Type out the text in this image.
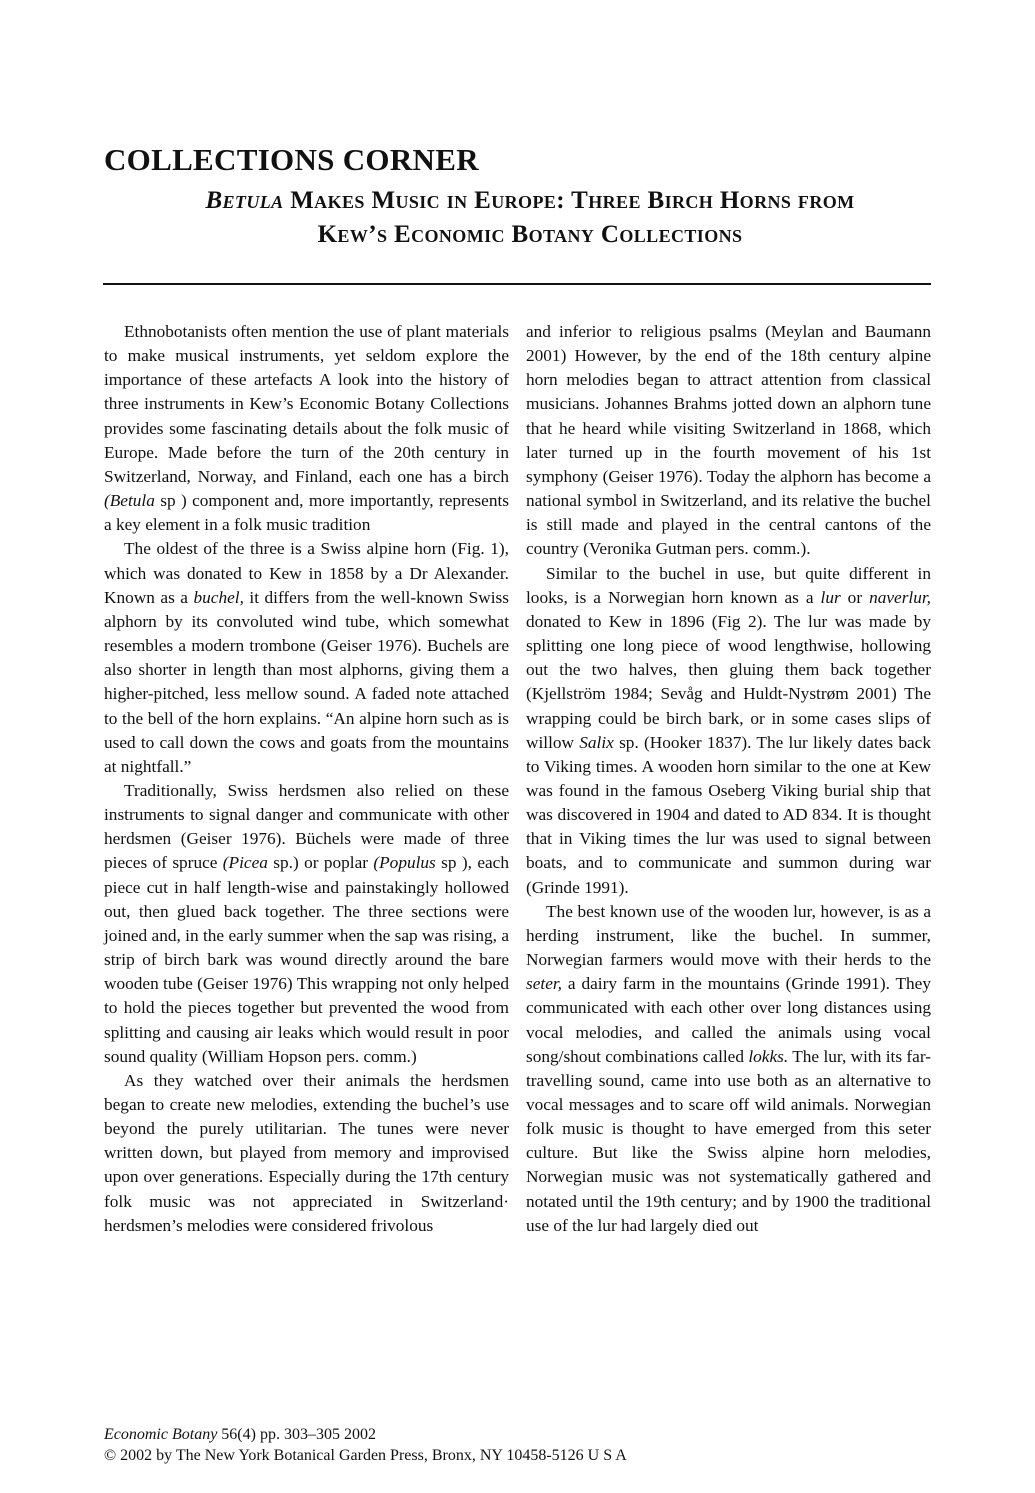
COLLECTIONS CORNER
Betula Makes Music in Europe: Three Birch Horns from
Kew’s Economic Botany Collections

Ethnobotanists often mention the use of plant materials to make musical instruments, yet seldom explore the importance of these artefacts A look into the history of three instruments in Kew’s Economic Botany Collections provides some fascinating details about the folk music of Europe. Made before the turn of the 20th century in Switzerland, Norway, and Finland, each one has a birch (Betula sp ) component and, more importantly, represents a key element in a folk music tradition

The oldest of the three is a Swiss alpine horn (Fig. 1), which was donated to Kew in 1858 by a Dr Alexander. Known as a buchel, it differs from the well-known Swiss alphorn by its convoluted wind tube, which somewhat resembles a modern trombone (Geiser 1976). Buchels are also shorter in length than most alphorns, giving them a higher-pitched, less mellow sound. A faded note attached to the bell of the horn explains. “An alpine horn such as is used to call down the cows and goats from the mountains at nightfall.”

Traditionally, Swiss herdsmen also relied on these instruments to signal danger and communicate with other herdsmen (Geiser 1976). Büchels were made of three pieces of spruce (Picea sp.) or poplar (Populus sp ), each piece cut in half length-wise and painstakingly hollowed out, then glued back together. The three sections were joined and, in the early summer when the sap was rising, a strip of birch bark was wound directly around the bare wooden tube (Geiser 1976) This wrapping not only helped to hold the pieces together but prevented the wood from splitting and causing air leaks which would result in poor sound quality (William Hopson pers. comm.)

As they watched over their animals the herdsmen began to create new melodies, extending the buchel’s use beyond the purely utilitarian. The tunes were never written down, but played from memory and improvised upon over generations. Especially during the 17th century folk music was not appreciated in Switzerland· herdsmen’s melodies were considered frivolous

and inferior to religious psalms (Meylan and Baumann 2001) However, by the end of the 18th century alpine horn melodies began to attract attention from classical musicians. Johannes Brahms jotted down an alphorn tune that he heard while visiting Switzerland in 1868, which later turned up in the fourth movement of his 1st symphony (Geiser 1976). Today the alphorn has become a national symbol in Switzerland, and its relative the buchel is still made and played in the central cantons of the country (Veronika Gutman pers. comm.).

Similar to the buchel in use, but quite different in looks, is a Norwegian horn known as a lur or naverlur, donated to Kew in 1896 (Fig 2). The lur was made by splitting one long piece of wood lengthwise, hollowing out the two halves, then gluing them back together (Kjellström 1984; Sevåg and Huldt-Nystrøm 2001) The wrapping could be birch bark, or in some cases slips of willow Salix sp. (Hooker 1837). The lur likely dates back to Viking times. A wooden horn similar to the one at Kew was found in the famous Oseberg Viking burial ship that was discovered in 1904 and dated to AD 834. It is thought that in Viking times the lur was used to signal between boats, and to communicate and summon during war (Grinde 1991).

The best known use of the wooden lur, however, is as a herding instrument, like the buchel. In summer, Norwegian farmers would move with their herds to the seter, a dairy farm in the mountains (Grinde 1991). They communicated with each other over long distances using vocal melodies, and called the animals using vocal song/shout combinations called lokks. The lur, with its far-travelling sound, came into use both as an alternative to vocal messages and to scare off wild animals. Norwegian folk music is thought to have emerged from this seter culture. But like the Swiss alpine horn melodies, Norwegian music was not systematically gathered and notated until the 19th century; and by 1900 the traditional use of the lur had largely died out

Economic Botany 56(4) pp. 303–305 2002
© 2002 by The New York Botanical Garden Press, Bronx, NY 10458-5126 U S A
